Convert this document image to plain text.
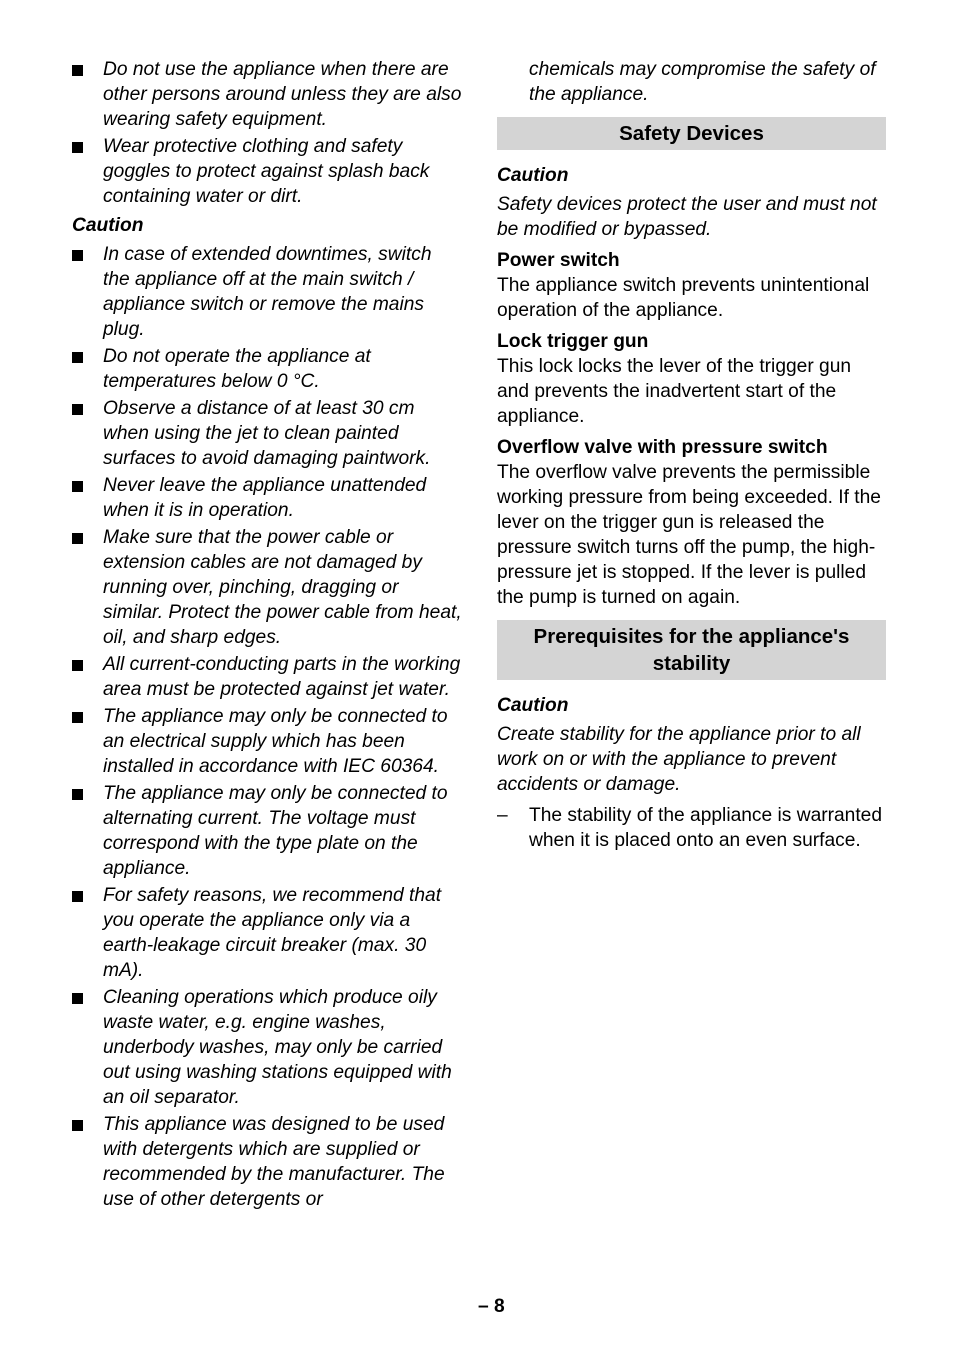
Do not use the appliance when there are other persons around unless they are also wearing safety equipment.
Wear protective clothing and safety goggles to protect against splash back containing water or dirt.
Caution
In case of extended downtimes, switch the appliance off at the main switch / appliance switch or remove the mains plug.
Do not operate the appliance at temperatures below 0 °C.
Observe a distance of at least 30 cm when using the jet to clean painted surfaces to avoid damaging paintwork.
Never leave the appliance unattended when it is in operation.
Make sure that the power cable or extension cables are not damaged by running over, pinching, dragging or similar. Protect the power cable from heat, oil, and sharp edges.
All current-conducting parts in the working area must be protected against jet water.
The appliance may only be connected to an electrical supply which has been installed in accordance with IEC 60364.
The appliance may only be connected to alternating current. The voltage must correspond with the type plate on the appliance.
For safety reasons, we recommend that you operate the appliance only via a earth-leakage circuit breaker (max. 30 mA).
Cleaning operations which produce oily waste water, e.g. engine washes, underbody washes, may only be carried out using washing stations equipped with an oil separator.
This appliance was designed to be used with detergents which are supplied or recommended by the manufacturer. The use of other detergents or

chemicals may compromise the safety of the appliance.

Safety Devices
Caution

Safety devices protect the user and must not be modified or bypassed.

Power switch

The appliance switch prevents unintentional operation of the appliance.

Lock trigger gun

This lock locks the lever of the trigger gun and prevents the inadvertent start of the appliance.

Overflow valve with pressure switch

The overflow valve prevents the permissible working pressure from being exceeded. If the lever on the trigger gun is released the pressure switch turns off the pump, the high-pressure jet is stopped. If the lever is pulled the pump is turned on again.

Prerequisites for the appliance's stability
Caution

Create stability for the appliance prior to all work on or with the appliance to prevent accidents or damage.

– The stability of the appliance is warranted when it is placed onto an even surface.
– 8
